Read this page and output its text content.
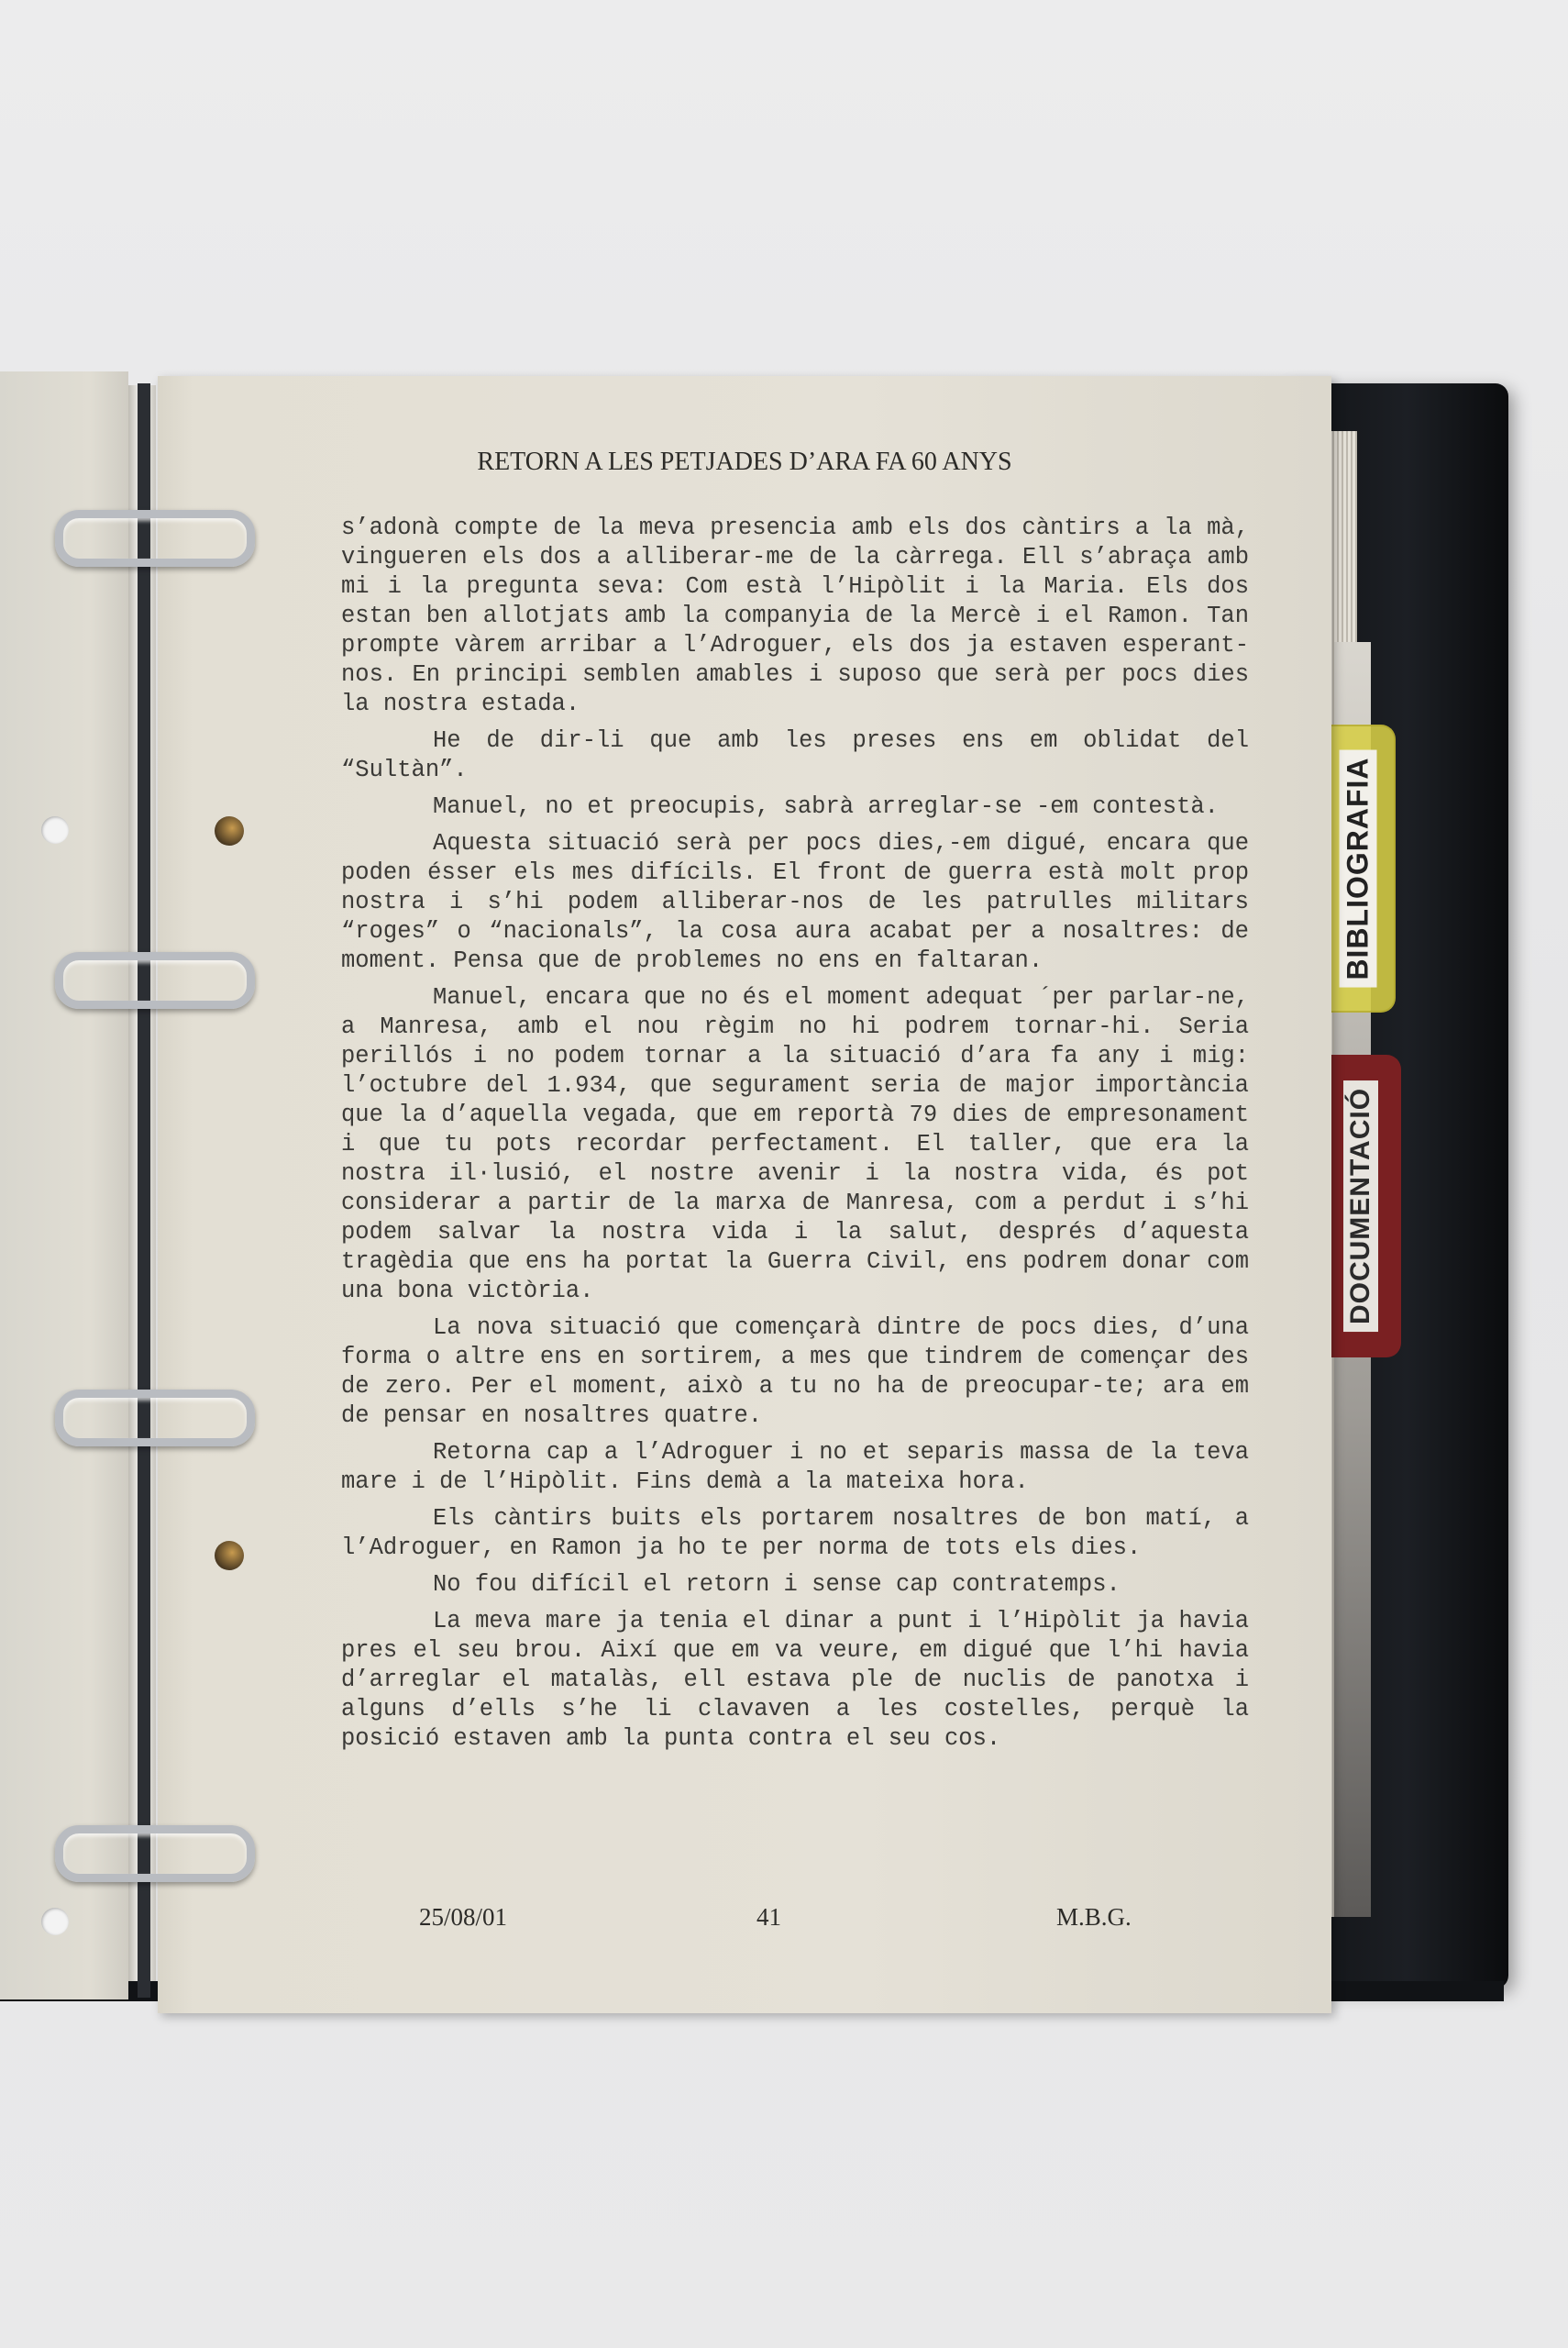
BIBLIOGRAFIA
DOCUMENTACIÓ
RETORN A LES PETJADES D’ARA FA 60 ANYS

s’adonà compte de la meva presencia amb els dos càntirs a la mà, vingueren els dos a alliberar-me de la càrrega. Ell s’abraça amb mi i la pregunta seva: Com està l’Hipòlit i la Maria. Els dos estan ben allotjats amb la companyia de la Mercè i el Ramon. Tan prompte vàrem arribar a l’Adroguer, els dos ja estaven esperant-nos. En principi semblen amables i suposo que serà per pocs dies la nostra estada.

He de dir-li que amb les preses ens em oblidat del “Sultàn”.

Manuel, no et preocupis, sabrà arreglar-se -em contestà.

Aquesta situació serà per pocs dies,-em digué, encara que poden ésser els mes difícils. El front de guerra està molt prop nostra i s’hi podem alliberar-nos de les patrulles militars “roges” o “nacionals”, la cosa aura acabat per a nosaltres: de moment. Pensa que de problemes no ens en faltaran.

Manuel, encara que no és el moment adequat ´per parlar-ne, a Manresa, amb el nou règim no hi podrem tornar-hi. Seria perillós i no podem tornar a la situació d’ara fa any i mig: l’octubre del 1.934, que segurament seria de major importància que la d’aquella vegada, que em reportà 79 dies de empresonament i que tu pots recordar perfectament. El taller, que era la nostra il·lusió, el nostre avenir i la nostra vida, és pot considerar a partir de la marxa de Manresa, com a perdut i s’hi podem salvar la nostra vida i la salut, després d’aquesta tragèdia que ens ha portat la Guerra Civil, ens podrem donar com una bona victòria.

La nova situació que començarà dintre de pocs dies, d’una forma o altre ens en sortirem, a mes que tindrem de començar des de zero. Per el moment, això a tu no ha de preocupar-te; ara em de pensar en nosaltres quatre.

Retorna cap a l’Adroguer i no et separis massa de la teva mare i de l’Hipòlit. Fins demà a la mateixa hora.

Els càntirs buits els portarem nosaltres de bon matí, a l’Adroguer, en Ramon ja ho te per norma de tots els dies.

No fou difícil el retorn i sense cap contratemps.

La meva mare ja tenia el dinar a punt i l’Hipòlit ja havia pres el seu brou. Així que em va veure, em digué que l’hi havia d’arreglar el matalàs, ell estava ple de nuclis de panotxa i alguns d’ells s’he li clavaven a les costelles, perquè la posició estaven amb la punta contra el seu cos.

25/08/01	41	M.B.G.
